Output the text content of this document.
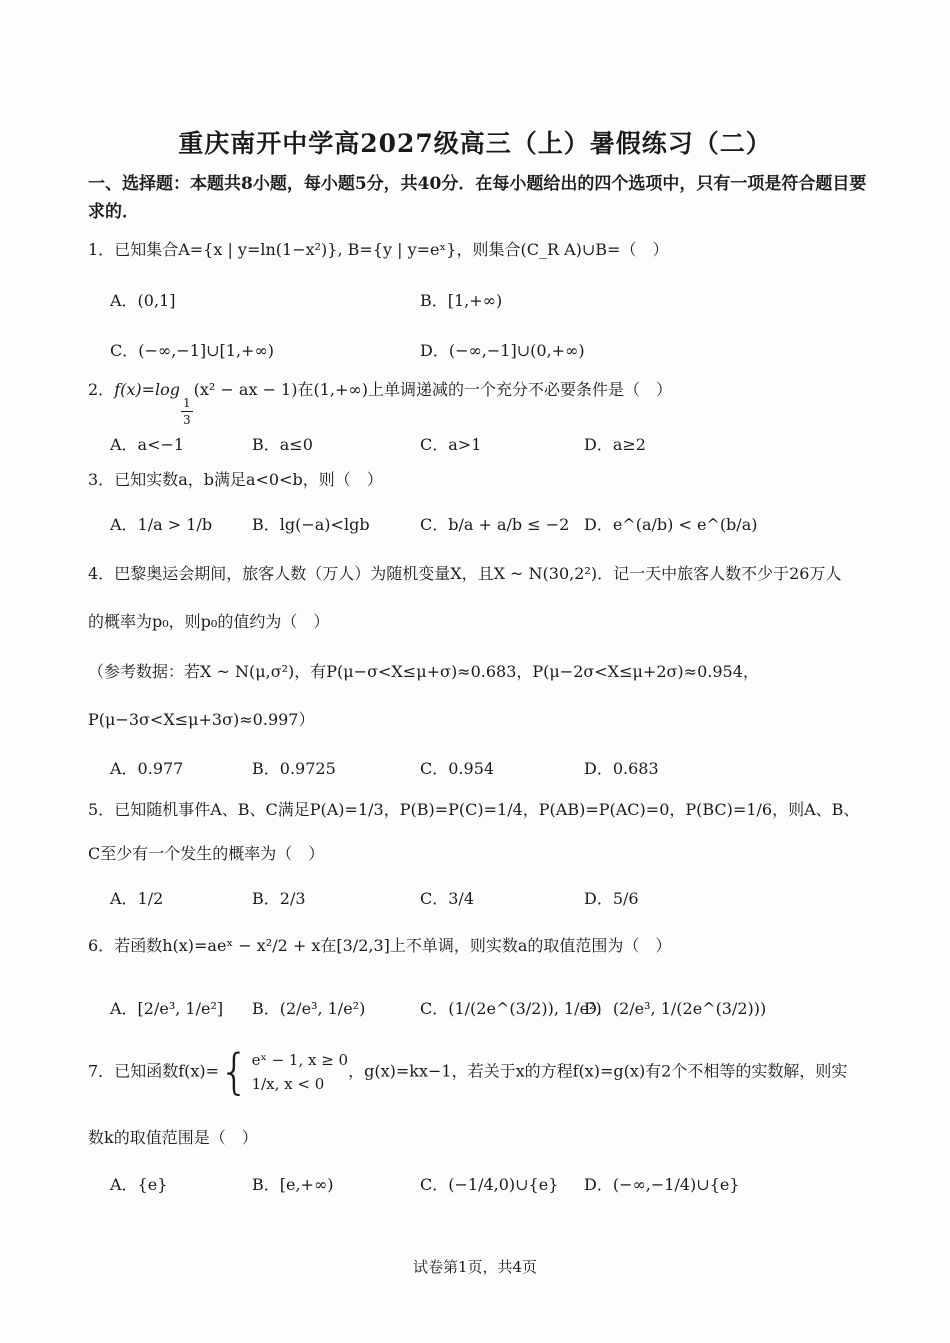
重庆南开中学高2027级高三（上）暑假练习（二）
一、选择题：本题共8小题，每小题5分，共40分．在每小题给出的四个选项中，只有一项是符合题目要求的．
1．已知集合A={x | y=ln(1−x²)}, B={y | y=eˣ}，则集合(C_R A)∪B=（　）
A．(0,1]	B．[1,+∞)
C．(−∞,−1]∪[1,+∞)	D．(−∞,−1]∪(0,+∞)
2．f(x)=log
$\frac{1}{3}$
(x² − ax − 1)在(1,+∞)上单调递减的一个充分不必要条件是（　）
A．a<−1	B．a≤0	C．a>1	D．a≥2
3．已知实数a，b满足a<0<b，则（　）
A．1/a > 1/b B．lg(−a)<lgb	C．b/a + a/b ≤ −2 D．e^(a/b) < e^(b/a)
4．巴黎奥运会期间，旅客人数（万人）为随机变量X，且X ~ N(30,2²)．记一天中旅客人数不少于26万人
的概率为p₀，则p₀的值约为（　）
（参考数据：若X ~ N(μ,σ²)，有P(μ−σ<X≤μ+σ)≈0.683，P(μ−2σ<X≤μ+2σ)≈0.954，
P(μ−3σ<X≤μ+3σ)≈0.997）
A．0.977	B．0.9725	C．0.954	D．0.683
5．已知随机事件A、B、C满足P(A)=1/3，P(B)=P(C)=1/4，P(AB)=P(AC)=0，P(BC)=1/6，则A、B、
C至少有一个发生的概率为（　）
A．1/2	B．2/3	C．3/4	D．5/6
6．若函数h(x)=aeˣ − x²/2 + x在[3/2,3]上不单调，则实数a的取值范围为（　）
A．[2/e³, 1/e²] B．(2/e³, 1/e²)	C．(1/(2e^(3/2)), 1/e²)
D．(2/e³, 1/(2e^(3/2)))
7．已知函数f(x)={ eˣ − 1, x ≥ 0
1/x, x < 0
，g(x)=kx−1，若关于x的方程f(x)=g(x)有2个不相等的实数解，则实
数k的取值范围是（　）
A．{e}	B．[e,+∞)	C．(−1/4,0)∪{e} D．(−∞,−1/4)∪{e}
试卷第1页，共4页
